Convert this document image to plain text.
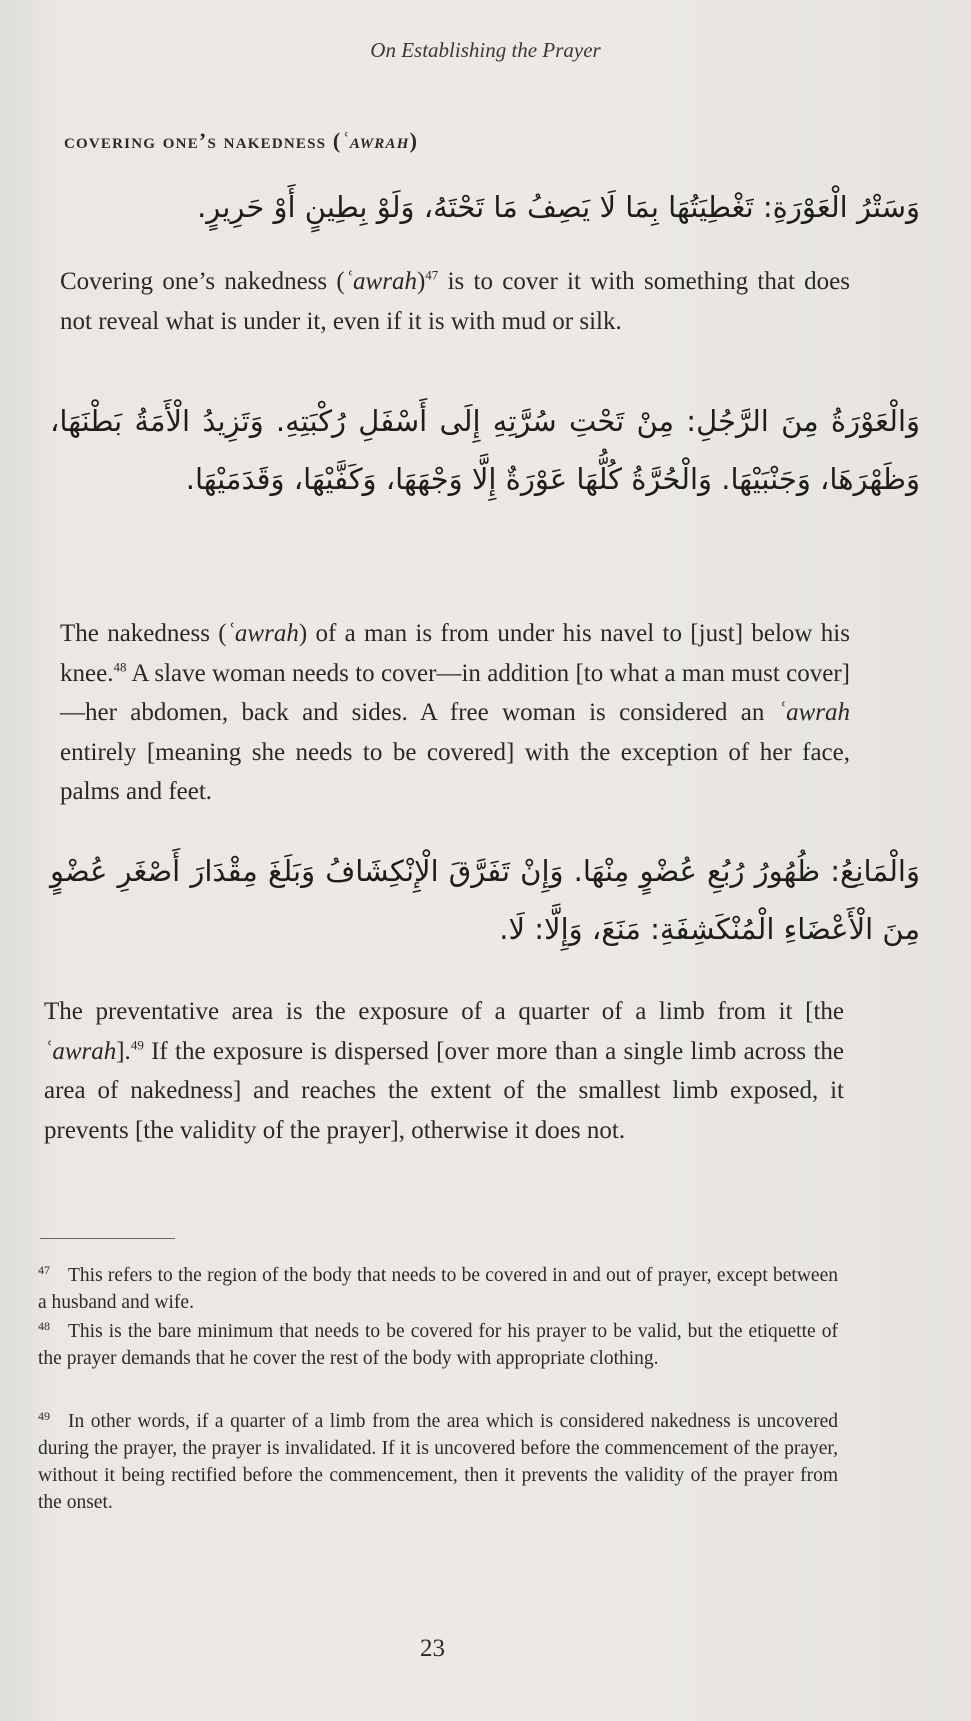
On Establishing the Prayer
covering one’s nakedness (ʿawrah)
وَسَتْرُ الْعَوْرَةِ: تَغْطِيَتُهَا بِمَا لَا يَصِفُ مَا تَحْتَهُ، وَلَوْ بِطِينٍ أَوْ حَرِيرٍ.
Covering one’s nakedness (ʿawrah)$^{47}$ is to cover it with something that does not reveal what is under it, even if it is with mud or silk.
وَالْعَوْرَةُ مِنَ الرَّجُلِ: مِنْ تَحْتِ سُرَّتِهِ إِلَى أَسْفَلِ رُكْبَتِهِ. وَتَزِيدُ الْأَمَةُ بَطْنَهَا، وَظَهْرَهَا، وَجَنْبَيْهَا. وَالْحُرَّةُ كُلُّهَا عَوْرَةٌ إِلَّا وَجْهَهَا، وَكَفَّيْهَا، وَقَدَمَيْهَا.
The nakedness (ʿawrah) of a man is from under his navel to [just] below his knee.$^{48}$ A slave woman needs to cover—in addition [to what a man must cover]—her abdomen, back and sides. A free woman is considered an ʿawrah entirely [meaning she needs to be covered] with the exception of her face, palms and feet.
وَالْمَانِعُ: ظُهُورُ رُبُعِ عُضْوٍ مِنْهَا. وَإِنْ تَفَرَّقَ الْإِنْكِشَافُ وَبَلَغَ مِقْدَارَ أَصْغَرِ عُضْوٍ مِنَ الْأَعْضَاءِ الْمُنْكَشِفَةِ: مَنَعَ، وَإِلَّا: لَا.
The preventative area is the exposure of a quarter of a limb from it [the ʿawrah].$^{49}$ If the exposure is dispersed [over more than a single limb across the area of nakedness] and reaches the extent of the smallest limb exposed, it prevents [the validity of the prayer], otherwise it does not.
47 This refers to the region of the body that needs to be covered in and out of prayer, except between a husband and wife.
48 This is the bare minimum that needs to be covered for his prayer to be valid, but the etiquette of the prayer demands that he cover the rest of the body with appropriate clothing.
49 In other words, if a quarter of a limb from the area which is considered nakedness is uncovered during the prayer, the prayer is invalidated. If it is uncovered before the commencement of the prayer, without it being rectified before the commencement, then it prevents the validity of the prayer from the onset.
23
